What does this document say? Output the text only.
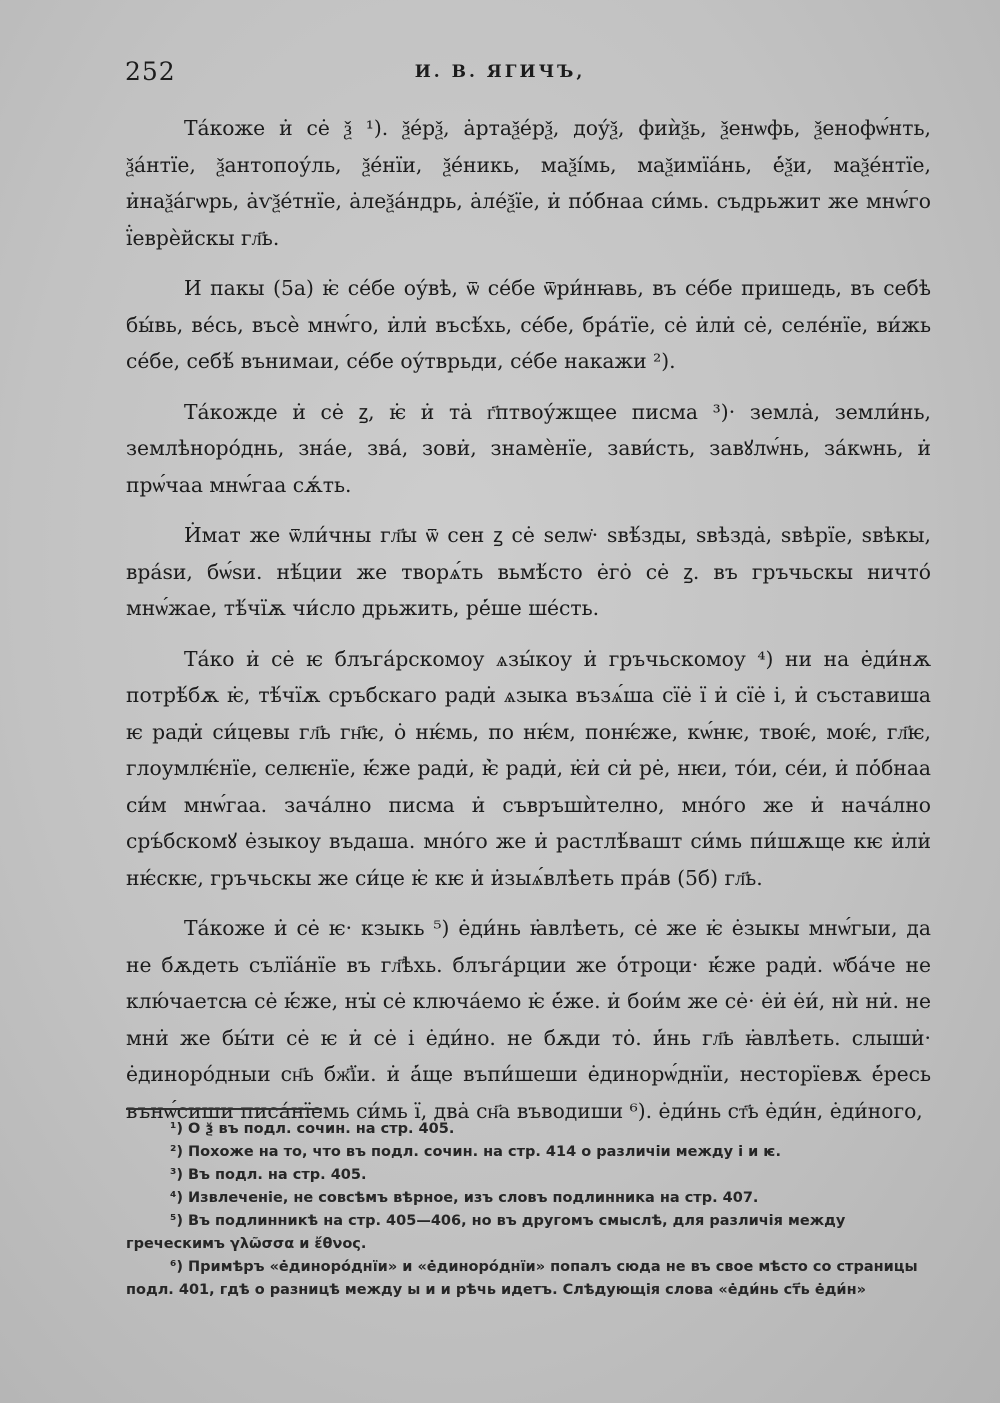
252	И. В. ЯГИЧЪ,

Та́коже и̇ се̇ ѯ ¹). ѯе́рѯ, а̇ртаѯе́рѯ, доу́ѯ, фиѝѯь, ѯенѡфь, ѯенофѡ́нть, ѯа́нтїе, ѯантопоу́ль, ѯе́нїи, ѯе́никь, маѯі́мь, маѯимїа́нь, е̇́ѯи, маѯе́нтїе, и̇наѯа́гѡрь, а̇ѵѯе́тнїе, а̇леѯа́ндрь, а̇ле́ѯїе, и̇ по̇́бнаа си́мь. съдрьжит же мнѡ́го ї̇еврѐйскы гл҃ь.

И пакы (5а) ѥ̇ се́бе оу́вѣ, ѿ се́бе ѿри́нꙗвь, въ се́бе пришедь, въ себѣ бы́вь, ве́сь, въсѐ мнѡ́го, и̇ли̇ въсѣ́хь, се́бе, бра́тїе, се̇ и̇ли̇ се̇, селе́нїе, ви́жь се́бе, себѣ́ вънимаи, се́бе оу́тврьди, се́бе накажи ²).

Та́кожде и̇ се̇ ꙁ, ѥ̇ и̇ та̇ г҃птвоу́жщее писма ³)· земла̇, земли́нь, землѣноро́днь, зна́е, зва́, зови̇, знамѐнїе, зави́сть, завꙋлѡ́нь, за́кѡнь, и̇ прѡ́чаа мнѡ́гаа сѫ́ть.

И̇мат же ѿли́чны гл҃ы ѿ сен ꙁ се̇ ѕелѡ̇· ѕвѣ́зды, ѕвѣзда̇, ѕвѣрїе, ѕвѣкы, вра́ѕи, бѡ́ѕи. нѣ́ции же творѧ́ть вьмѣ́сто е̇го̇ се̇ ꙁ. въ гръчьскы ничто́ мнѡ́жае, тѣ́чїѫ чи́сло дрьжить, ре̇́ше ше́сть.

Та́ко и̇ се̇ ѥ блъга́рскомоу ѧзы́коу и̇ гръчьскомоу ⁴) ни на е̇ди́нѫ потрѣ́бѫ ѥ̇, тѣ́чїѫ сръбскаго ради̇ ѧзыка възѧ́ша сїе̇ ї и̇ сїе̇ і, и̇ съставиша ѥ ради̇ си́цевы гл҃ь гн҃ѥ, о̇ нѥ́мь, по нѥ́м, понѥ́же, кѡ́нѥ, твоѥ́, моѥ́, гл҃ѥ, глоумлѥ́нїе, селѥнїе, ѥ̇́же ради̇, ѥ̇̀ ради̇, ѥ̇и̇ си̇ ре̇, нѥи, то́и, се́и, и̇ по̇́бнаа си́м мнѡ́гаа. зача́лно писма и̇ съвръшѝтелно, мно́го же и̇ нача́лно сръ́бскомꙋ е̇зыкоу въдаша. мно́го же и̇ растлѣ́вашт си́мь пи́шѫще кѥ и̇ли̇ нѥ́скѥ, гръчьскы же си́це ѥ̇ кѥ и̇ и̇зыѧ́влѣеть пра́в (5б) гл҃ь.

Та́коже и̇ се̇ ѥ· кзыкь ⁵) е̇ди́нь ꙗ̇влѣеть, се̇ же ѥ̇ е̇зыкы мнѡ́гыи, да не бѫдеть сълїа́нїе въ гл҃ѣхь. блъга́рции же о̇́троци· ѥ̇́же ради̇. ѡ̇ба́че не клю́чаетсꙗ се̇ ѥ̇́же, нꙑ̇ се̇ ключа́емо ѥ̇ е̇́же. и̇ бои́м же се̇· е̇и̇ е̇и́, нѝ ни̇. не мни̇ же бы́ти се̇ ѥ и̇ се̇ і е̇ди́но. не бѫди то̇. и̇́нь гл҃ь ꙗ̇влѣеть. слыши̇· е̇диноро́дныи сн҃ь бж҃їи. и̇ а̇́ще въпи́шеши е̇динорѡ́днїи, несторїевѫ е̇́ресь вънѡ́сиши писа́нїемь си́мь ї, два̇ сн҃а въводиши ⁶). е̇ди́нь ст҃ь е̇ди́н, е̇ди́ного,

¹) О ѯ въ подл. сочин. на стр. 405.

²) Похоже на то, что въ подл. сочин. на стр. 414 о различiи между і и ѥ.

³) Въ подл. на стр. 405.

⁴) Извлеченiе, не совсѣмъ вѣрное, изъ словъ подлинника на стр. 407.

⁵) Въ подлинникѣ на стр. 405—406, но въ другомъ смыслѣ, для различiя между греческимъ γλῶσσα и ἔθνος.

⁶) Примѣръ «е̇диноро́днїи» и «е̇диноро́днїи» попалъ сюда не въ свое мѣсто со страницы подл. 401, гдѣ о разницѣ между ы и и рѣчь идетъ. Слѣдующiя слова «е̇ди́нь ст҃ь е̇ди́н»
